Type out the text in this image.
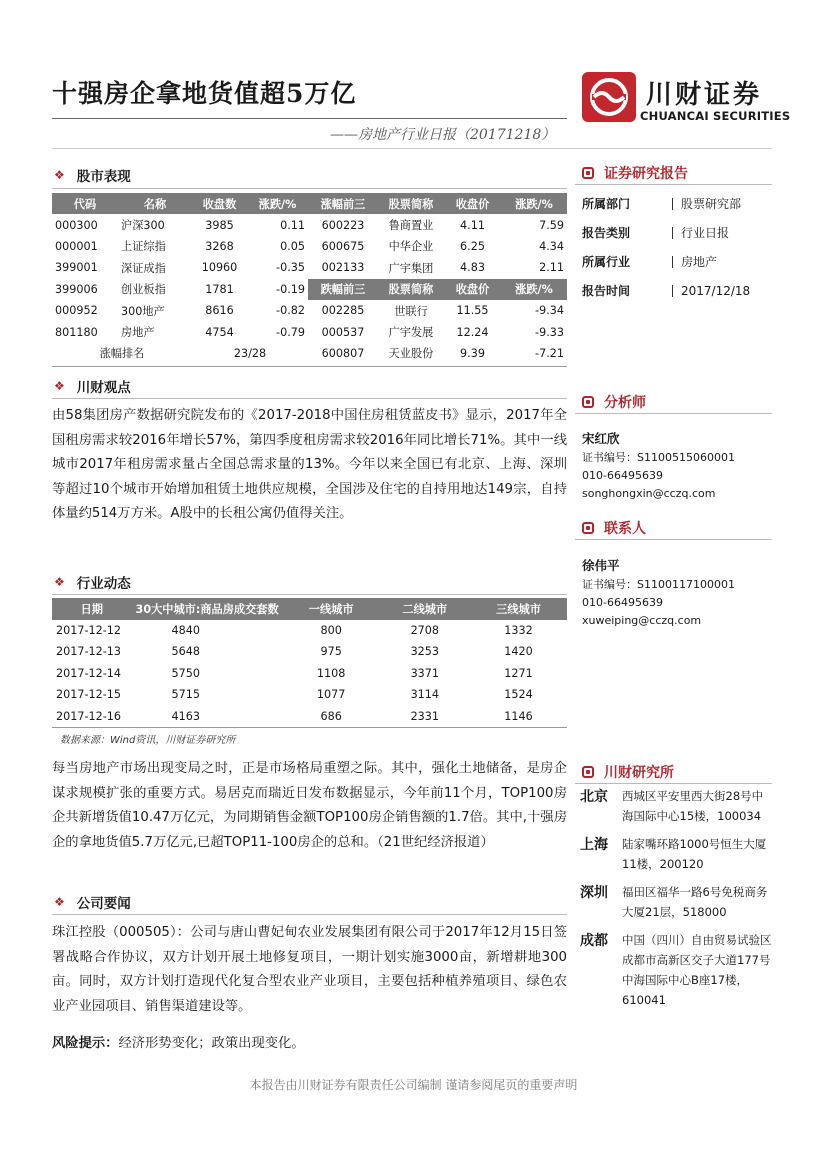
十强房企拿地货值超5万亿	川财证券
CHUANCAI SECURITIES
——房地产行业日报（20171218）
❖ 股市表现
代码	名称	收盘数	涨跌/%	涨幅前三	股票简称	收盘价	涨跌/%
000300	沪深300	3985	0.11	600223	鲁商置业	4.11	7.59
000001	上证综指	3268	0.05	600675	中华企业	6.25	4.34
399001	深证成指	10960	-0.35	002133	广宇集团	4.83	2.11
399006	创业板指	1781	-0.19	跌幅前三	股票简称	收盘价	涨跌/%
000952	300地产	8616	-0.82	002285	世联行	11.55	-9.34
801180	房地产	4754	-0.79	000537	广宇发展	12.24	-9.33
涨幅排名		23/28		600807	天业股份	9.39	-7.21
❖ 川财观点
由58集团房产数据研究院发布的《2017-2018中国住房租赁蓝皮书》显示，2017年全国租房需求较2016年增长57%，第四季度租房需求较2016年同比增长71%。其中一线城市2017年租房需求量占全国总需求量的13%。今年以来全国已有北京、上海、深圳等超过10个城市开始增加租赁土地供应规模，全国涉及住宅的自持用地达149宗，自持体量约514万方米。A股中的长租公寓仍值得关注。
❖ 行业动态
日期	30大中城市:商品房成交套数	一线城市	二线城市	三线城市
2017-12-12	4840	800	2708	1332
2017-12-13	5648	975	3253	1420
2017-12-14	5750	1108	3371	1271
2017-12-15	5715	1077	3114	1524
2017-12-16	4163	686	2331	1146
数据来源：Wind资讯，川财证券研究所
每当房地产市场出现变局之时，正是市场格局重塑之际。其中，强化土地储备，是房企谋求规模扩张的重要方式。易居克而瑞近日发布数据显示，今年前11个月，TOP100房企共新增货值10.47万亿元，为同期销售金额TOP100房企销售额的1.7倍。其中,十强房企的拿地货值5.7万亿元,已超TOP11-100房企的总和。（21世纪经济报道）
❖ 公司要闻
珠江控股（000505）：公司与唐山曹妃甸农业发展集团有限公司于2017年12月15日签署战略合作协议，双方计划开展土地修复项目，一期计划实施3000亩，新增耕地300亩。同时，双方计划打造现代化复合型农业产业项目，主要包括种植养殖项目、绿色农业产业园项目、销售渠道建设等。
风险提示：经济形势变化；政策出现变化。
证券研究报告
所属部门	股票研究部
报告类别	行业日报
所属行业	房地产
报告时间	2017/12/18
分析师
宋红欣
证书编号：S1100515060001
010-66495639
songhongxin@cczq.com
联系人
徐伟平
证书编号：S1100117100001
010-66495639
xuweiping@cczq.com
川财研究所
北京	西城区平安里西大街28号中海国际中心15楼，100034
上海	陆家嘴环路1000号恒生大厦11楼，200120
深圳	福田区福华一路6号免税商务大厦21层，518000
成都	中国（四川）自由贸易试验区成都市高新区交子大道177号中海国际中心B座17楼，610041
本报告由川财证券有限责任公司编制 谨请参阅尾页的重要声明
